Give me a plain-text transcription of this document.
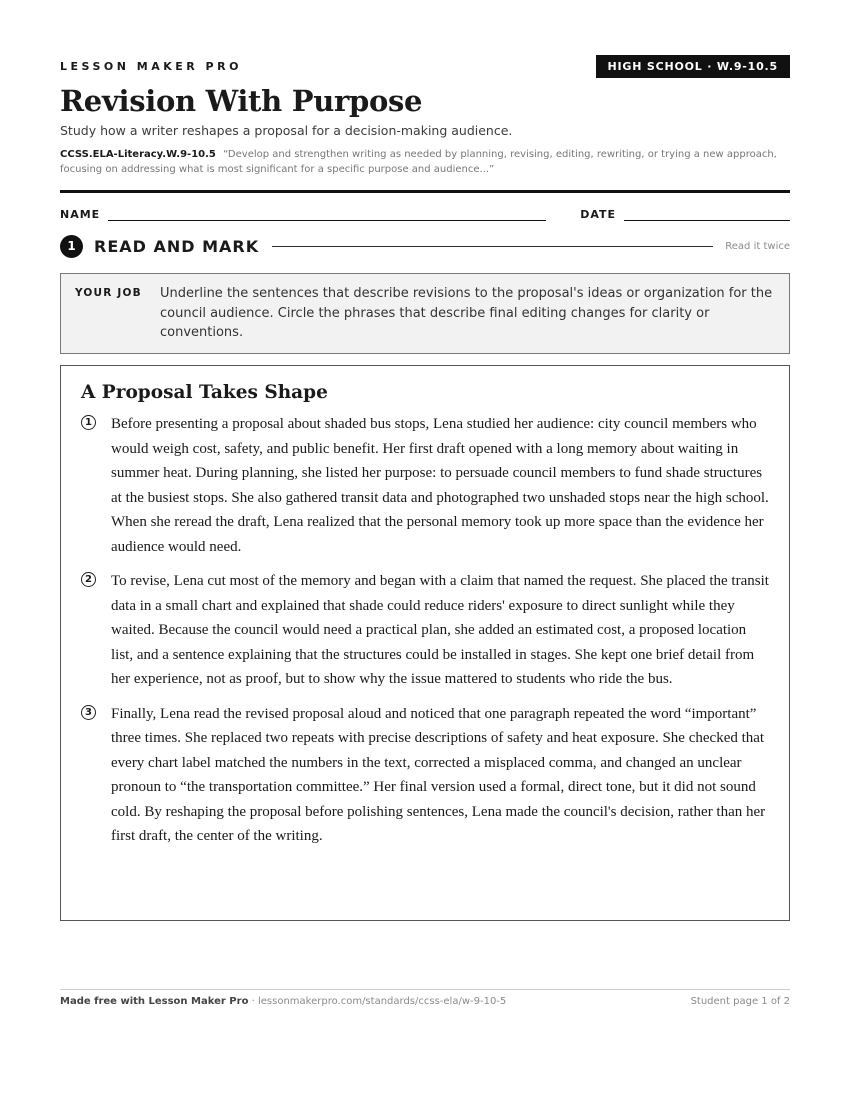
LESSON MAKER PRO	HIGH SCHOOL · W.9-10.5
Revision With Purpose
Study how a writer reshapes a proposal for a decision-making audience.
CCSS.ELA-Literacy.W.9-10.5 “Develop and strengthen writing as needed by planning, revising, editing, rewriting, or trying a new approach, focusing on addressing what is most significant for a specific purpose and audience...”
NAME	DATE
1	READ AND MARK	Read it twice
YOUR JOB	Underline the sentences that describe revisions to the proposal's ideas or organization for the council audience. Circle the phrases that describe final editing changes for clarity or conventions.
A Proposal Takes Shape
1 Before presenting a proposal about shaded bus stops, Lena studied her audience: city council members who would weigh cost, safety, and public benefit. Her first draft opened with a long memory about waiting in summer heat. During planning, she listed her purpose: to persuade council members to fund shade structures at the busiest stops. She also gathered transit data and photographed two unshaded stops near the high school. When she reread the draft, Lena realized that the personal memory took up more space than the evidence her audience would need.

2 To revise, Lena cut most of the memory and began with a claim that named the request. She placed the transit data in a small chart and explained that shade could reduce riders' exposure to direct sunlight while they waited. Because the council would need a practical plan, she added an estimated cost, a proposed location list, and a sentence explaining that the structures could be installed in stages. She kept one brief detail from her experience, not as proof, but to show why the issue mattered to students who ride the bus.

3 Finally, Lena read the revised proposal aloud and noticed that one paragraph repeated the word “important” three times. She replaced two repeats with precise descriptions of safety and heat exposure. She checked that every chart label matched the numbers in the text, corrected a misplaced comma, and changed an unclear pronoun to “the transportation committee.” Her final version used a formal, direct tone, but it did not sound cold. By reshaping the proposal before polishing sentences, Lena made the council's decision, rather than her first draft, the center of the writing.

Made free with Lesson Maker Pro · lessonmakerpro.com/standards/ccss-ela/w-9-10-5	Student page 1 of 2
